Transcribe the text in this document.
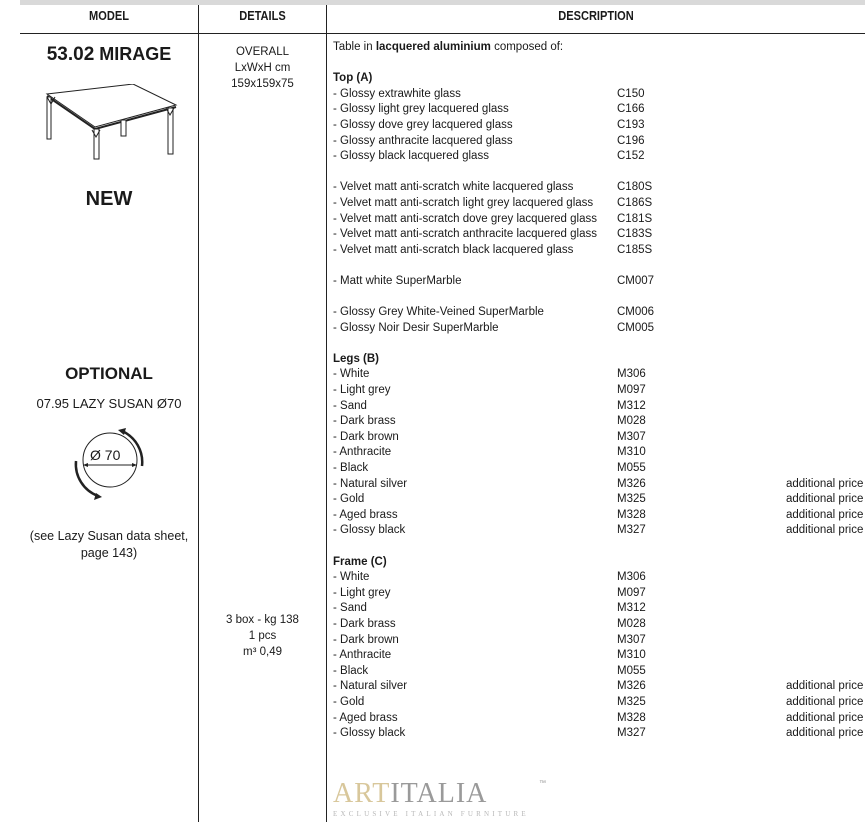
MODEL	DETAILS	DESCRIPTION
53.02 MIRAGE
NEW
OPTIONAL
07.95 LAZY SUSAN Ø70
Ø 70
(see Lazy Susan data sheet,
page 143)
OVERALL
LxWxH cm
159x159x75
3 box - kg 138
1 pcs
m³ 0,49
Table in lacquered aluminium composed of:
Top (A)
- Glossy extrawhite glass	C150
- Glossy light grey lacquered glass	C166
- Glossy dove grey lacquered glass	C193
- Glossy anthracite lacquered glass	C196
- Glossy black lacquered glass	C152
- Velvet matt anti-scratch white lacquered glass	C180S
- Velvet matt anti-scratch light grey lacquered glass C186S
- Velvet matt anti-scratch dove grey lacquered glass C181S
- Velvet matt anti-scratch anthracite lacquered glass C183S
- Velvet matt anti-scratch black lacquered glass	C185S
- Matt white SuperMarble	CM007
- Glossy Grey White-Veined SuperMarble	CM006
- Glossy Noir Desir SuperMarble	CM005
Legs (B)
- White	M306
- Light grey	M097
- Sand	M312
- Dark brass	M028
- Dark brown	M307
- Anthracite	M310
- Black	M055
- Natural silver	M326	additional price
- Gold	M325	additional price
- Aged brass	M328	additional price
- Glossy black	M327	additional price
Frame (C)
- White	M306
- Light grey	M097
- Sand	M312
- Dark brass	M028
- Dark brown	M307
- Anthracite	M310
- Black	M055
- Natural silver	M326	additional price
- Gold	M325	additional price
- Aged brass	M328	additional price
- Glossy black	M327	additional price
ARTITALIA	™
EXCLUSIVE ITALIAN FURNITURE
